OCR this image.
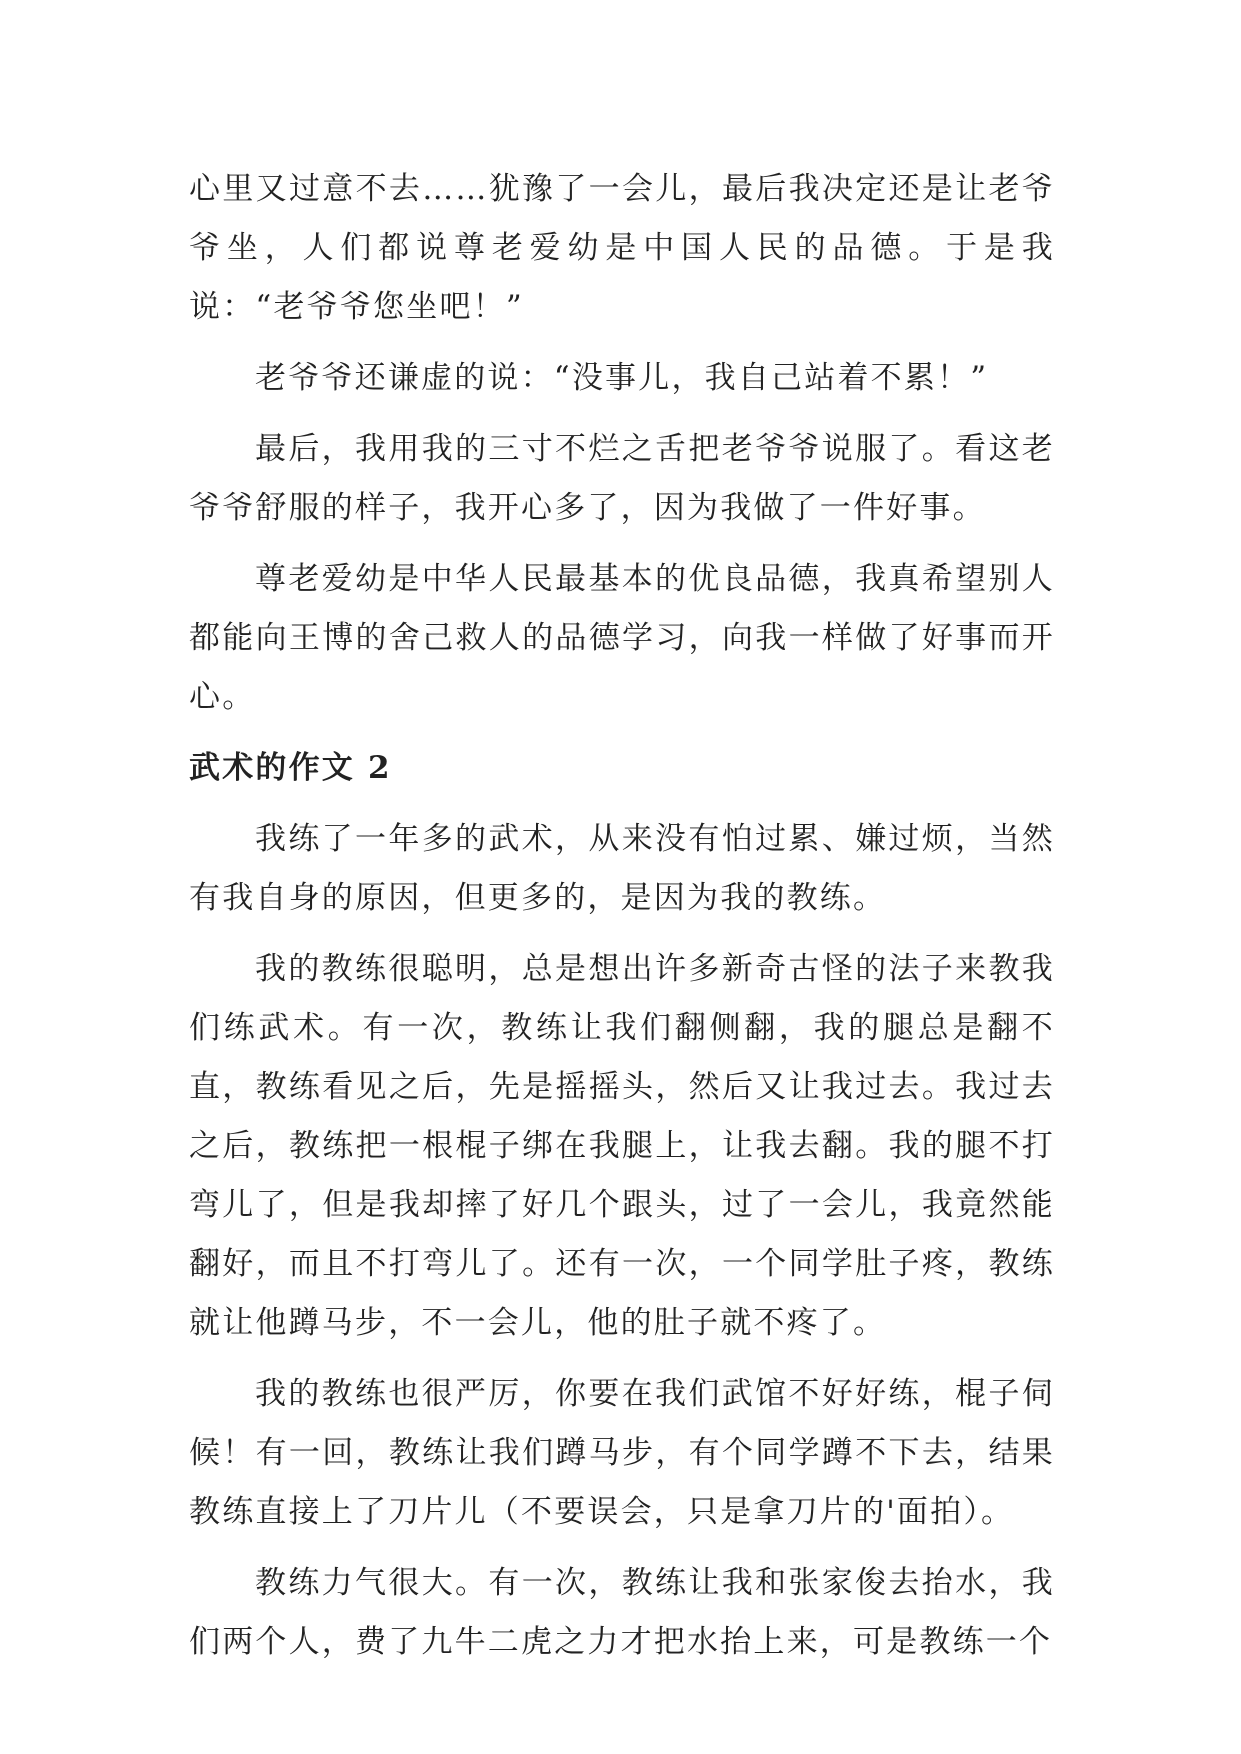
心里又过意不去……犹豫了一会儿，最后我决定还是让老爷爷坐，人们都说尊老爱幼是中国人民的品德。于是我说：“老爷爷您坐吧！”

老爷爷还谦虚的说：“没事儿，我自己站着不累！”

最后，我用我的三寸不烂之舌把老爷爷说服了。看这老爷爷舒服的样子，我开心多了，因为我做了一件好事。

尊老爱幼是中华人民最基本的优良品德，我真希望别人都能向王博的舍己救人的品德学习，向我一样做了好事而开心。

武术的作文 2

我练了一年多的武术，从来没有怕过累、嫌过烦，当然有我自身的原因，但更多的，是因为我的教练。

我的教练很聪明，总是想出许多新奇古怪的法子来教我们练武术。有一次，教练让我们翻侧翻，我的腿总是翻不直，教练看见之后，先是摇摇头，然后又让我过去。我过去之后，教练把一根棍子绑在我腿上，让我去翻。我的腿不打弯儿了，但是我却摔了好几个跟头，过了一会儿，我竟然能翻好，而且不打弯儿了。还有一次，一个同学肚子疼，教练就让他蹲马步，不一会儿，他的肚子就不疼了。

我的教练也很严厉，你要在我们武馆不好好练，棍子伺候！有一回，教练让我们蹲马步，有个同学蹲不下去，结果教练直接上了刀片儿（不要误会，只是拿刀片的'面拍）。

教练力气很大。有一次，教练让我和张家俊去抬水，我们两个人，费了九牛二虎之力才把水抬上来，可是教练一个
